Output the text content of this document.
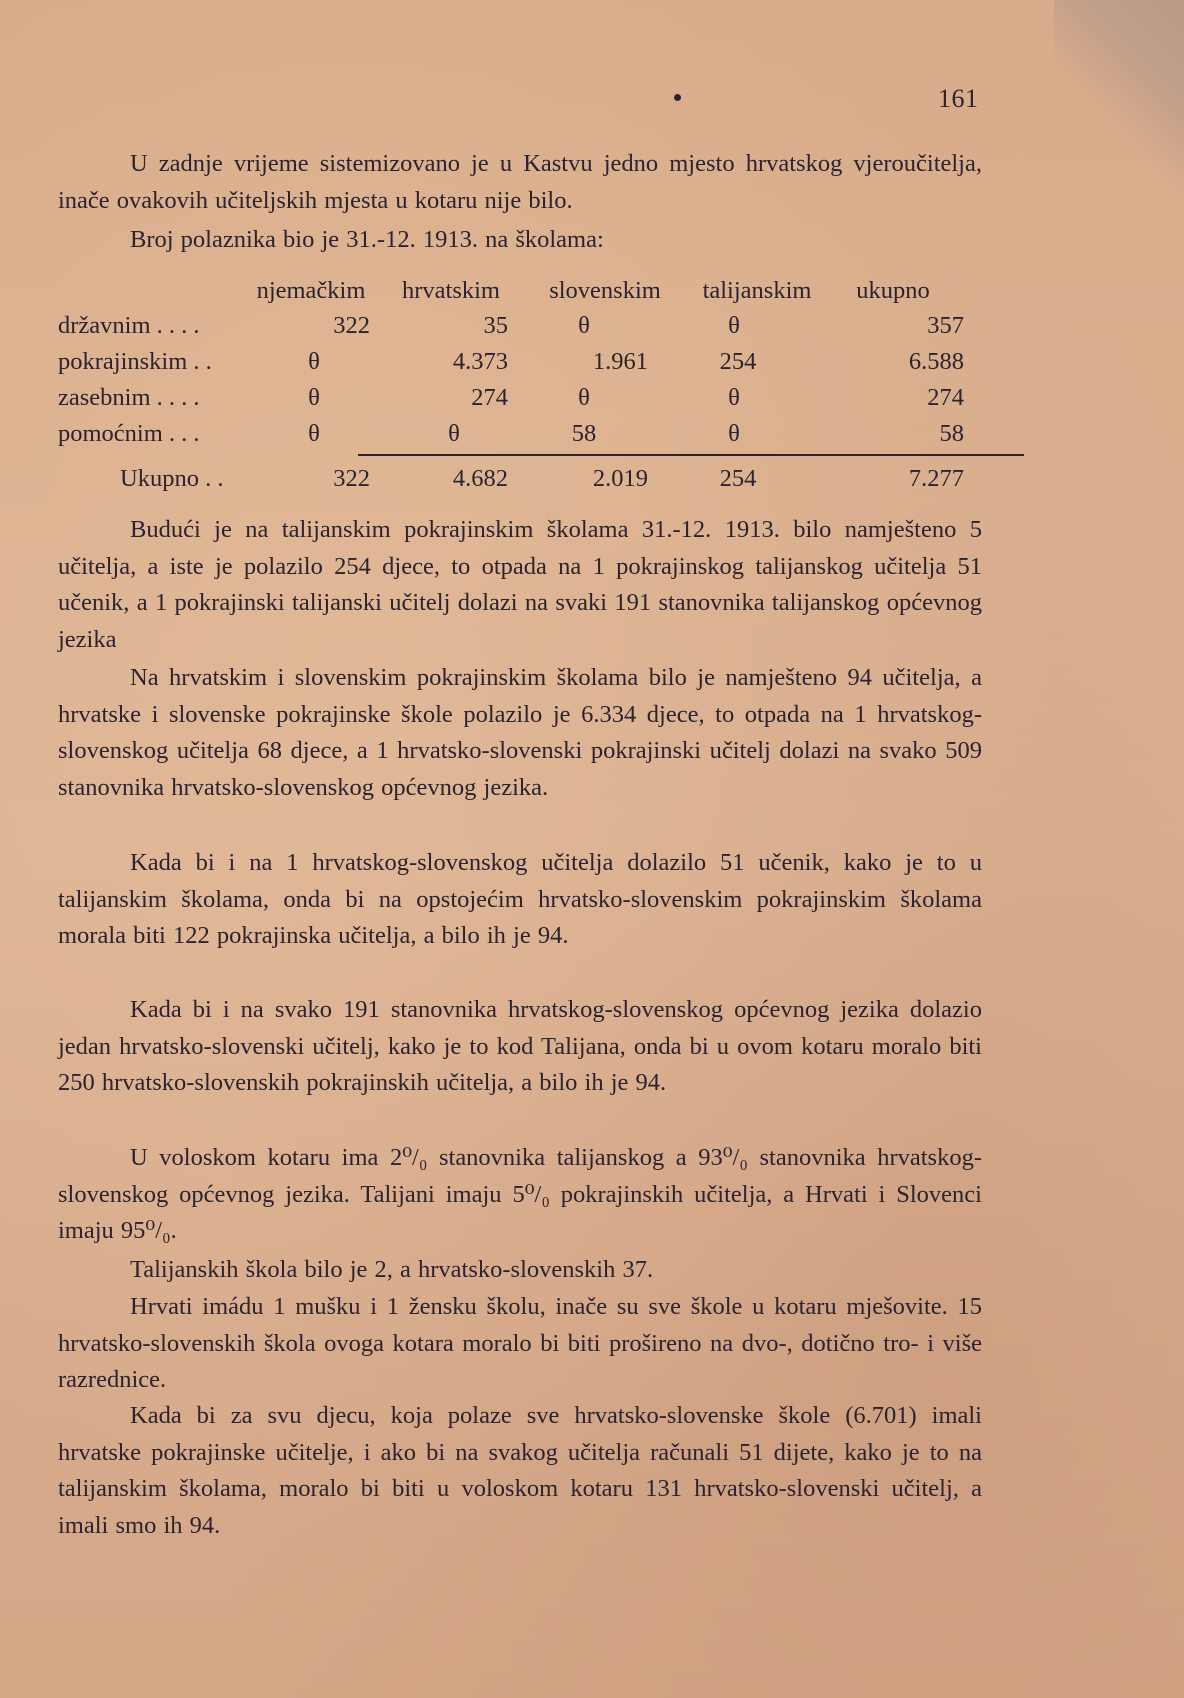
161

U zadnje vrijeme sistemizovano je u Kastvu jedno mjesto hrvatskog vjeroučitelja, inače ovakovih učiteljskih mjesta u kotaru nije bilo.

Broj polaznika bio je 31.-12. 1913. na školama:

njemačkim	hrvatskim	slovenskim	talijanskim	ukupno
državnim . . . .	322	35	θ	θ	357
pokrajinskim . .	θ	4.373	1.961	254	6.588
zasebnim . . . .	θ	274	θ	θ	274
pomoćnim . . .	θ	θ	58	θ	58
Ukupno . .	322	4.682	2.019	254	7.277

Budući je na talijanskim pokrajinskim školama 31.-12. 1913. bilo namješteno 5 učitelja, a iste je polazilo 254 djece, to otpada na 1 pokrajinskog talijanskog učitelja 51 učenik, a 1 pokrajinski talijanski učitelj dolazi na svaki 191 stanovnika talijanskog općevnog jezika

Na hrvatskim i slovenskim pokrajinskim školama bilo je namješteno 94 učitelja, a hrvatske i slovenske pokrajinske škole polazilo je 6.334 djece, to otpada na 1 hrvatskog-slovenskog učitelja 68 djece, a 1 hrvatsko-slovenski pokrajinski učitelj dolazi na svako 509 stanovnika hrvatsko-slovenskog općevnog jezika.

Kada bi i na 1 hrvatskog-slovenskog učitelja dolazilo 51 učenik, kako je to u talijanskim školama, onda bi na opstojećim hrvatsko-slovenskim pokrajinskim školama morala biti 122 pokrajinska učitelja, a bilo ih je 94.

Kada bi i na svako 191 stanovnika hrvatskog-slovenskog općevnog jezika dolazio jedan hrvatsko-slovenski učitelj, kako je to kod Talijana, onda bi u ovom kotaru moralo biti 250 hrvatsko-slovenskih pokrajinskih učitelja, a bilo ih je 94.

U voloskom kotaru ima 2⁰/₀ stanovnika talijanskog a 93⁰/₀ stanovnika hrvatskog-slovenskog općevnog jezika. Talijani imaju 5⁰/₀ pokrajinskih učitelja, a Hrvati i Slovenci imaju 95⁰/₀.

Talijanskih škola bilo je 2, a hrvatsko-slovenskih 37.

Hrvati imádu 1 mušku i 1 žensku školu, inače su sve škole u kotaru mješovite. 15 hrvatsko-slovenskih škola ovoga kotara moralo bi biti prošireno na dvo-, dotično tro- i više razrednice.

Kada bi za svu djecu, koja polaze sve hrvatsko-slovenske škole (6.701) imali hrvatske pokrajinske učitelje, i ako bi na svakog učitelja računali 51 dijete, kako je to na talijanskim školama, moralo bi biti u voloskom kotaru 131 hrvatsko-slovenski učitelj, a imali smo ih 94.
